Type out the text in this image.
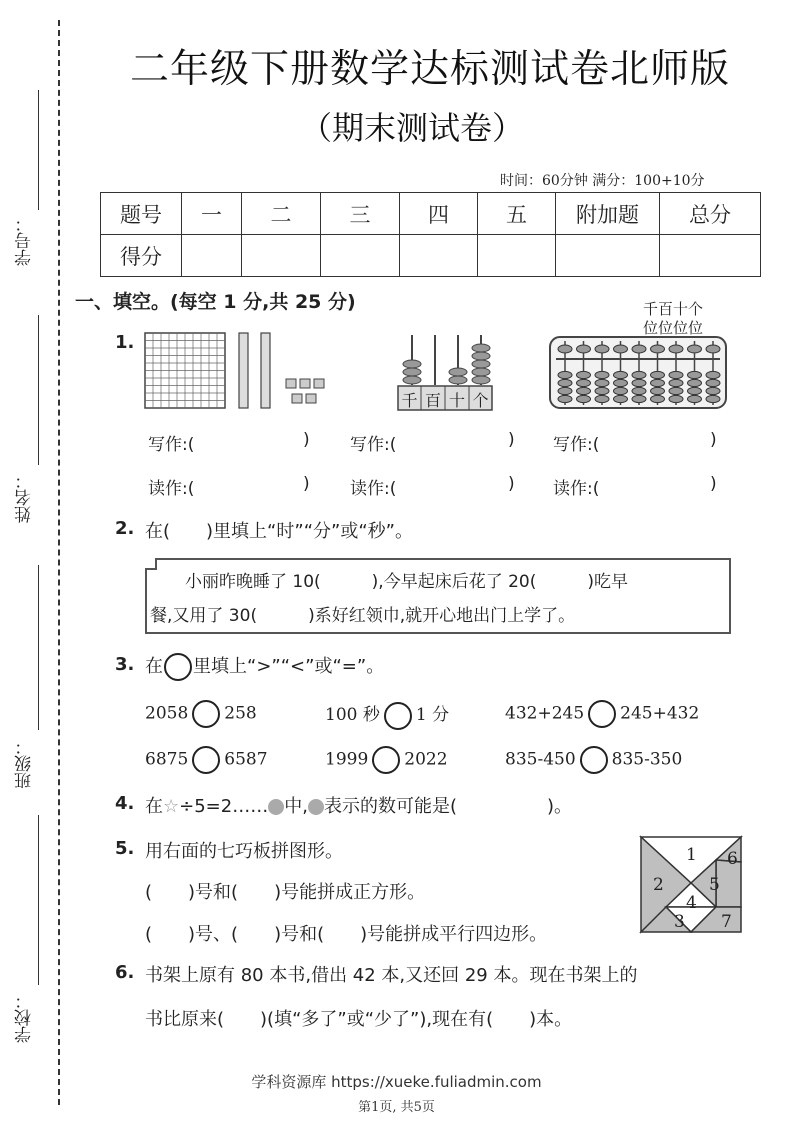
学号：
姓名：
班级：
学校：
二年级下册数学达标测试卷北师版
（期末测试卷）
时间：60分钟 满分：100+10分
题号	一	二	三	四	五	附加题	总分
得分							
一、填空。(每空 1 分,共 25 分)
1.
千 百 十 个
千百十个
位位位位
写作:(	) 写作:(	) 写作:(	)
读作:(	) 读作:(	) 读作:(	)
2. 在(　　)里填上“时”“分”或“秒”。
小丽昨晚睡了 10(　　　),今早起床后花了 20(　　　)吃早
餐,又用了 30(　　　)系好红领巾,就开心地出门上学了。
3. 在 里填上“>”“<”或“=”。
2058 258	100 秒 1 分	432+245 245+432
6875 6587	1999 2022	835-450 835-350
4. 在☆÷5=2…… 中, 表示的数可能是(　　　　　)。
5. 用右面的七巧板拼图形。
(　　)号和(　　)号能拼成正方形。
(　　)号、(　　)号和(　　)号能拼成平行四边形。
1
2
3
4
5
6
7
6. 书架上原有 80 本书,借出 42 本,又还回 29 本。现在书架上的
书比原来(　　)(填“多了”或“少了”),现在有(　　)本。
学科资源库 https://xueke.fuliadmin.com
第1页, 共5页
